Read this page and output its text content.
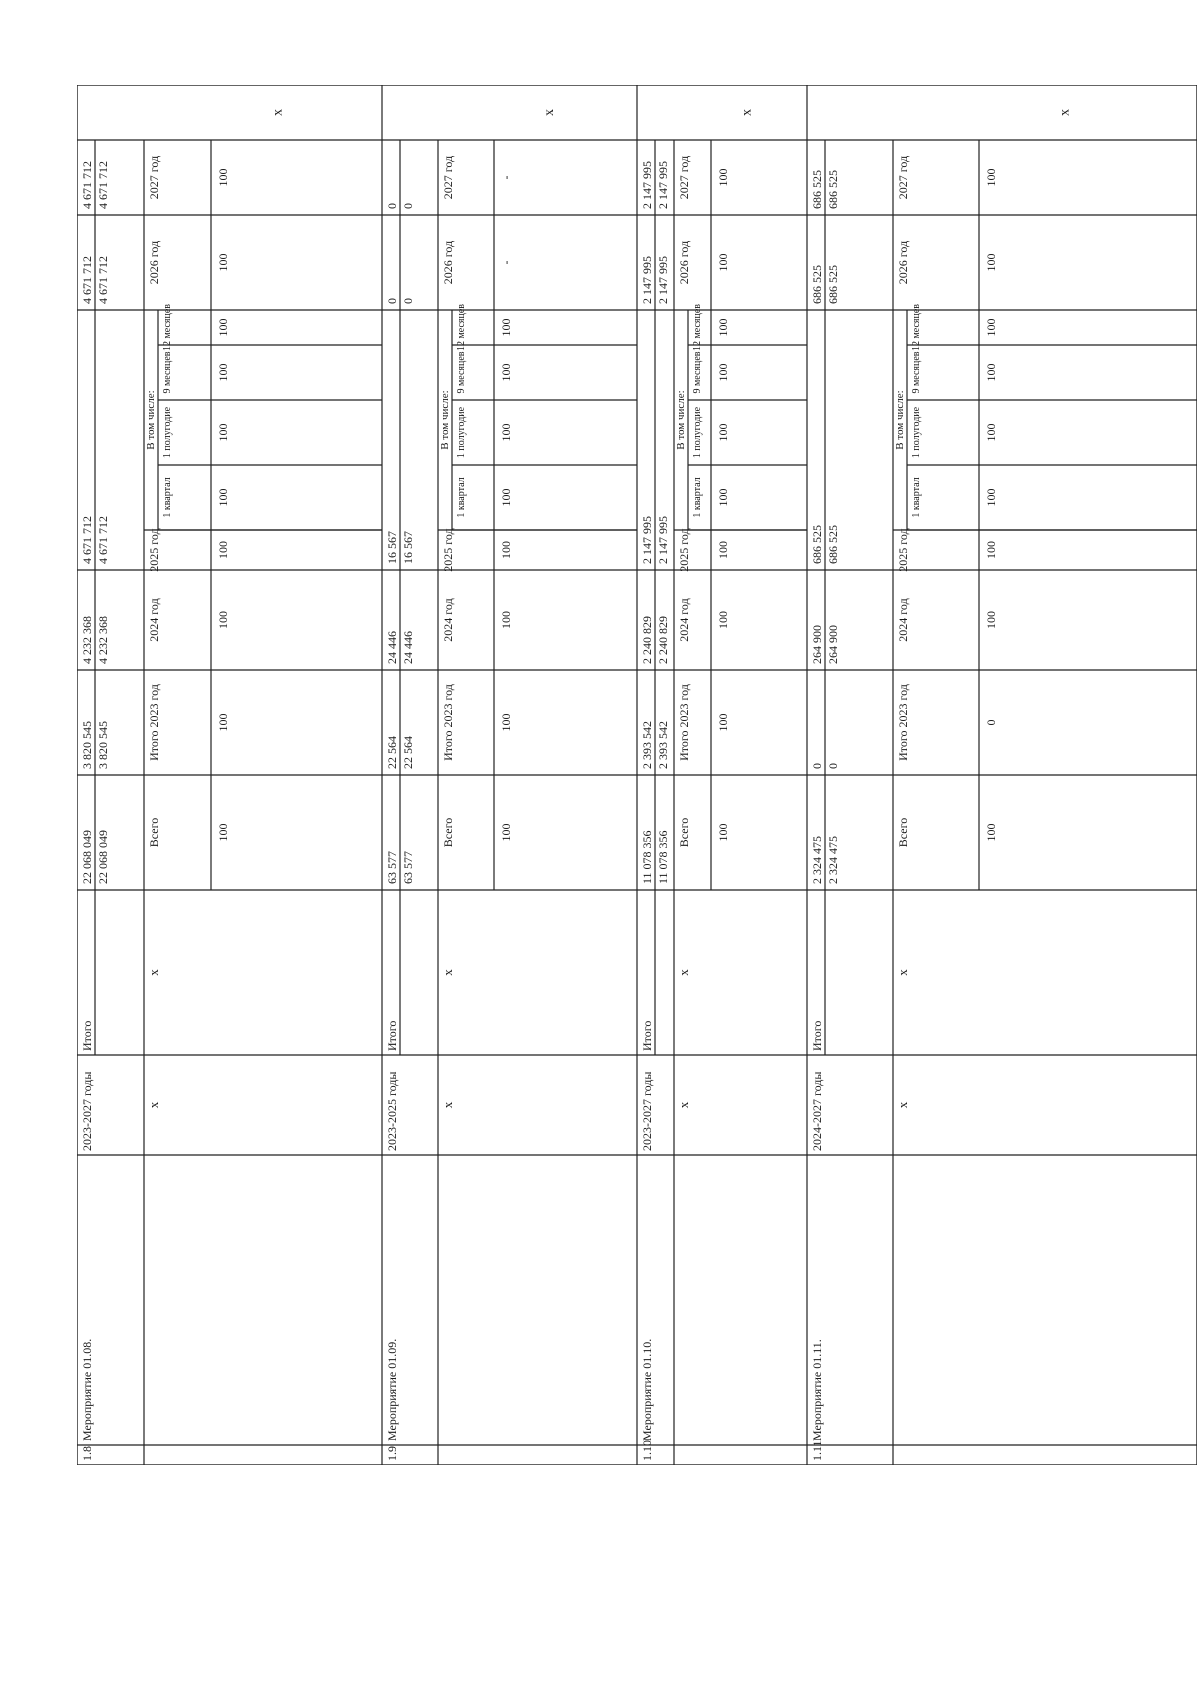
1.8
Мероприятие 01.08.
2023-2027 годы
Итого
22 068 049
3 820 545
4 232 368
4 671 712
4 671 712
4 671 712
22 068 049
3 820 545
4 232 368
4 671 712
4 671 712
4 671 712
x
x
x
Всего
Итого 2023 год
2024 год
2025 год
2026 год
2027 год
В том числе:
1 квартал
1 полугодие
9 месяцев
12 месяцев
100
100
100
100
100
100
100
100
100
100
1.9
Мероприятие 01.09.
2023-2025 годы
Итого
63 577
22 564
24 446
16 567
0
0
63 577
22 564
24 446
16 567
0
0
x
x
x
Всего
Итого 2023 год
2024 год
2025 год
2026 год
2027 год
В том числе:
1 квартал
1 полугодие
9 месяцев
12 месяцев
100
100
100
100
100
100
100
100
-
-
1.10
Мероприятие 01.10.
2023-2027 годы
Итого
11 078 356
2 393 542
2 240 829
2 147 995
2 147 995
2 147 995
11 078 356
2 393 542
2 240 829
2 147 995
2 147 995
2 147 995
x
x
x
Всего
Итого 2023 год
2024 год
2025 год
2026 год
2027 год
В том числе:
1 квартал
1 полугодие
9 месяцев
12 месяцев
100
100
100
100
100
100
100
100
100
100
1.11
Мероприятие 01.11.
2024-2027 годы
Итого
2 324 475
0
264 900
686 525
686 525
686 525
2 324 475
0
264 900
686 525
686 525
686 525
x
x
x
Всего
Итого 2023 год
2024 год
2025 год
2026 год
2027 год
В том числе:
1 квартал
1 полугодие
9 месяцев
12 месяцев
100
0
100
100
100
100
100
100
100
100
